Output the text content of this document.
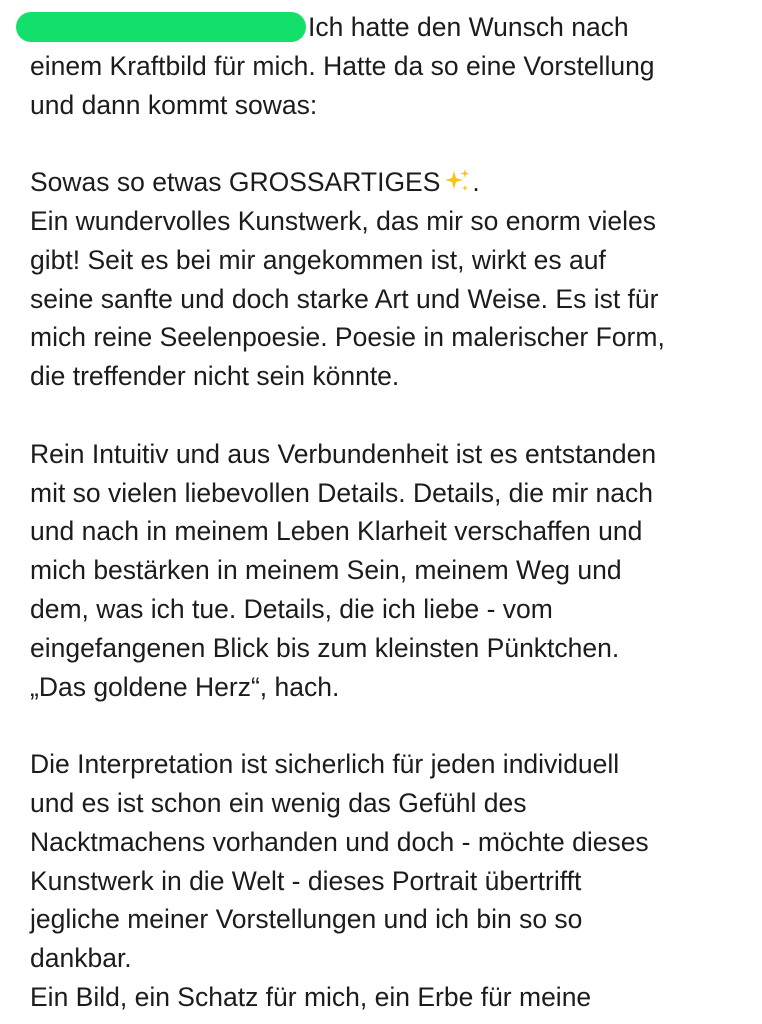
Ich hatte den Wunsch nach
einem Kraftbild für mich. Hatte da so eine Vorstellung
und dann kommt sowas:
Sowas so etwas GROSSARTIGES .
Ein wundervolles Kunstwerk, das mir so enorm vieles
gibt! Seit es bei mir angekommen ist, wirkt es auf
seine sanfte und doch starke Art und Weise. Es ist für
mich reine Seelenpoesie. Poesie in malerischer Form,
die treffender nicht sein könnte.
Rein Intuitiv und aus Verbundenheit ist es entstanden
mit so vielen liebevollen Details. Details, die mir nach
und nach in meinem Leben Klarheit verschaffen und
mich bestärken in meinem Sein, meinem Weg und
dem, was ich tue. Details, die ich liebe - vom
eingefangenen Blick bis zum kleinsten Pünktchen.
„Das goldene Herz“, hach.
Die Interpretation ist sicherlich für jeden individuell
und es ist schon ein wenig das Gefühl des
Nacktmachens vorhanden und doch - möchte dieses
Kunstwerk in die Welt - dieses Portrait übertrifft
jegliche meiner Vorstellungen und ich bin so so
dankbar.
Ein Bild, ein Schatz für mich, ein Erbe für meine
